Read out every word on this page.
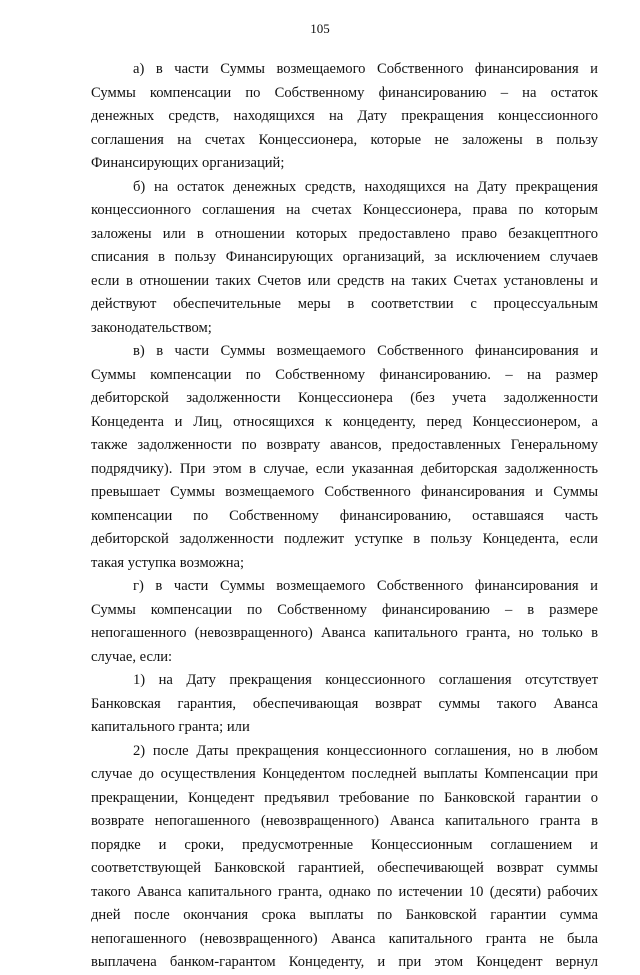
105
а) в части Суммы возмещаемого Собственного финансирования и
Суммы компенсации по Собственному финансированию – на остаток
денежных средств, находящихся на Дату прекращения концессионного
соглашения на счетах Концессионера, которые не заложены в пользу
Финансирующих организаций;
б) на остаток денежных средств, находящихся на Дату прекращения
концессионного соглашения на счетах Концессионера, права по которым
заложены или в отношении которых предоставлено право безакцептного
списания в пользу Финансирующих организаций, за исключением случаев
если в отношении таких Счетов или средств на таких Счетах установлены и
действуют обеспечительные меры в соответствии с процессуальным
законодательством;
в) в части Суммы возмещаемого Собственного финансирования и
Суммы компенсации по Собственному финансированию. – на размер
дебиторской задолженности Концессионера (без учета задолженности
Концедента и Лиц, относящихся к концеденту, перед Концессионером, а
также задолженности по возврату авансов, предоставленных Генеральному
подрядчику). При этом в случае, если указанная дебиторская задолженность
превышает Суммы возмещаемого Собственного финансирования и Суммы
компенсации по Собственному финансированию, оставшаяся часть
дебиторской задолженности подлежит уступке в пользу Концедента, если
такая уступка возможна;
г) в части Суммы возмещаемого Собственного финансирования и
Суммы компенсации по Собственному финансированию – в размере
непогашенного (невозвращенного) Аванса капитального гранта, но только в
случае, если:
1) на Дату прекращения концессионного соглашения отсутствует
Банковская гарантия, обеспечивающая возврат суммы такого Аванса
капитального гранта; или
2) после Даты прекращения концессионного соглашения, но в любом
случае до осуществления Концедентом последней выплаты Компенсации при
прекращении, Концедент предъявил требование по Банковской гарантии о
возврате непогашенного (невозвращенного) Аванса капитального гранта в
порядке и сроки, предусмотренные Концессионным соглашением и
соответствующей Банковской гарантией, обеспечивающей возврат суммы
такого Аванса капитального гранта, однако по истечении 10 (десяти) рабочих
дней после окончания срока выплаты по Банковской гарантии сумма
непогашенного (невозвращенного) Аванса капитального гранта не была
выплачена банком-гарантом Концеденту, и при этом Концедент вернул
